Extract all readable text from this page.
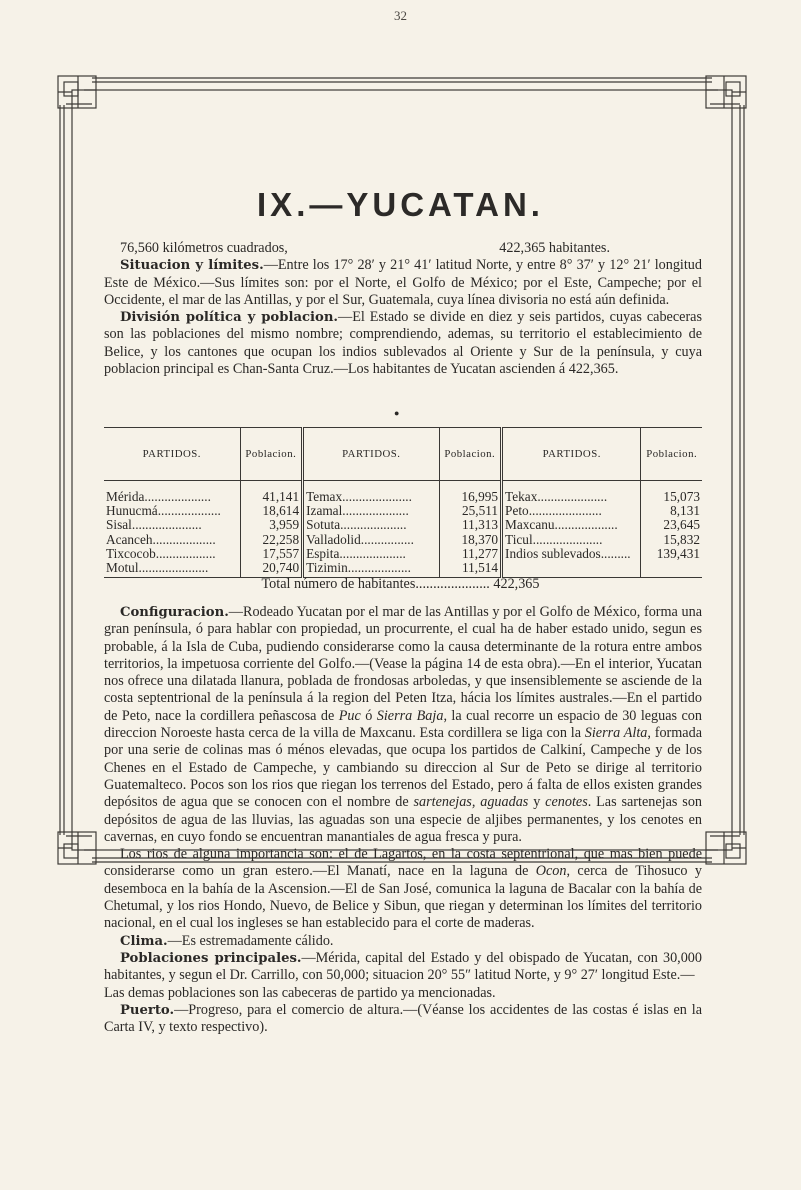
32
IX.—YUCATAN.
76,560 kilómetros cuadrados,	422,365 habitantes.

Situacion y límites.—Entre los 17° 28′ y 21° 41′ latitud Norte, y entre 8° 37′ y 12° 21′ longitud Este de México.—Sus límites son: por el Norte, el Golfo de México; por el Este, Campeche; por el Occidente, el mar de las Antillas, y por el Sur, Guatemala, cuya línea divisoria no está aún definida.

División política y poblacion.—El Estado se divide en diez y seis partidos, cuyas cabeceras son las poblaciones del mismo nombre; comprendiendo, ademas, su territorio el establecimiento de Belice, y los cantones que ocupan los indios sublevados al Oriente y Sur de la península, y cuya poblacion principal es Chan-Santa Cruz.—Los habitantes de Yucatan ascienden á 422,365.

●
PARTIDOS.	Poblacion.	PARTIDOS.	Poblacion.	PARTIDOS.	Poblacion.
Mérida....................	41,141	Temax.....................	16,995	Tekax.....................	15,073
Hunucmá...................	18,614	Izamal....................	25,511	Peto......................	8,131
Sisal.....................	3,959	Sotuta....................	11,313	Maxcanu...................	23,645
Acanceh...................	22,258	Valladolid................	18,370	Ticul.....................	15,832
Tixcocob..................	17,557	Espita....................	11,277	Indios sublevados.........	139,431
Motul.....................	20,740	Tizimin...................	11,514		
Total número de habitantes..................... 422,365

Configuracion.—Rodeado Yucatan por el mar de las Antillas y por el Golfo de México, forma una gran península, ó para hablar con propiedad, un procurrente, el cual ha de haber estado unido, segun es probable, á la Isla de Cuba, pudiendo considerarse como la causa determinante de la rotura entre ambos territorios, la impetuosa corriente del Golfo.—(Vease la página 14 de esta obra).—En el interior, Yucatan nos ofrece una dilatada llanura, poblada de frondosas arboledas, y que insensiblemente se asciende de la costa septentrional de la península á la region del Peten Itza, hácia los límites australes.—En el partido de Peto, nace la cordillera peñascosa de Puc ó Sierra Baja, la cual recorre un espacio de 30 leguas con direccion Noroeste hasta cerca de la villa de Maxcanu. Esta cordillera se liga con la Sierra Alta, formada por una serie de colinas mas ó ménos elevadas, que ocupa los partidos de Calkiní, Campeche y de los Chenes en el Estado de Campeche, y cambiando su direccion al Sur de Peto se dirige al territorio Guatemalteco. Pocos son los rios que riegan los terrenos del Estado, pero á falta de ellos existen grandes depósitos de agua que se conocen con el nombre de sartenejas, aguadas y cenotes. Las sartenejas son depósitos de agua de las lluvias, las aguadas son una especie de aljibes permanentes, y los cenotes en cavernas, en cuyo fondo se encuentran manantiales de agua fresca y pura.

Los rios de alguna importancia son: el de Lagartos, en la costa septentrional, que mas bien puede considerarse como un gran estero.—El Manatí, nace en la laguna de Ocon, cerca de Tihosuco y desemboca en la bahía de la Ascension.—El de San José, comunica la laguna de Bacalar con la bahía de Chetumal, y los rios Hondo, Nuevo, de Belice y Sibun, que riegan y determinan los límites del territorio nacional, en el cual los ingleses se han establecido para el corte de maderas.

Clima.—Es estremadamente cálido.

Poblaciones principales.—Mérida, capital del Estado y del obispado de Yucatan, con 30,000 habitantes, y segun el Dr. Carrillo, con 50,000; situacion 20° 55″ latitud Norte, y 9° 27′ longitud Este.—

Las demas poblaciones son las cabeceras de partido ya mencionadas.

Puerto.—Progreso, para el comercio de altura.—(Véanse los accidentes de las costas é islas en la Carta IV, y texto respectivo).
